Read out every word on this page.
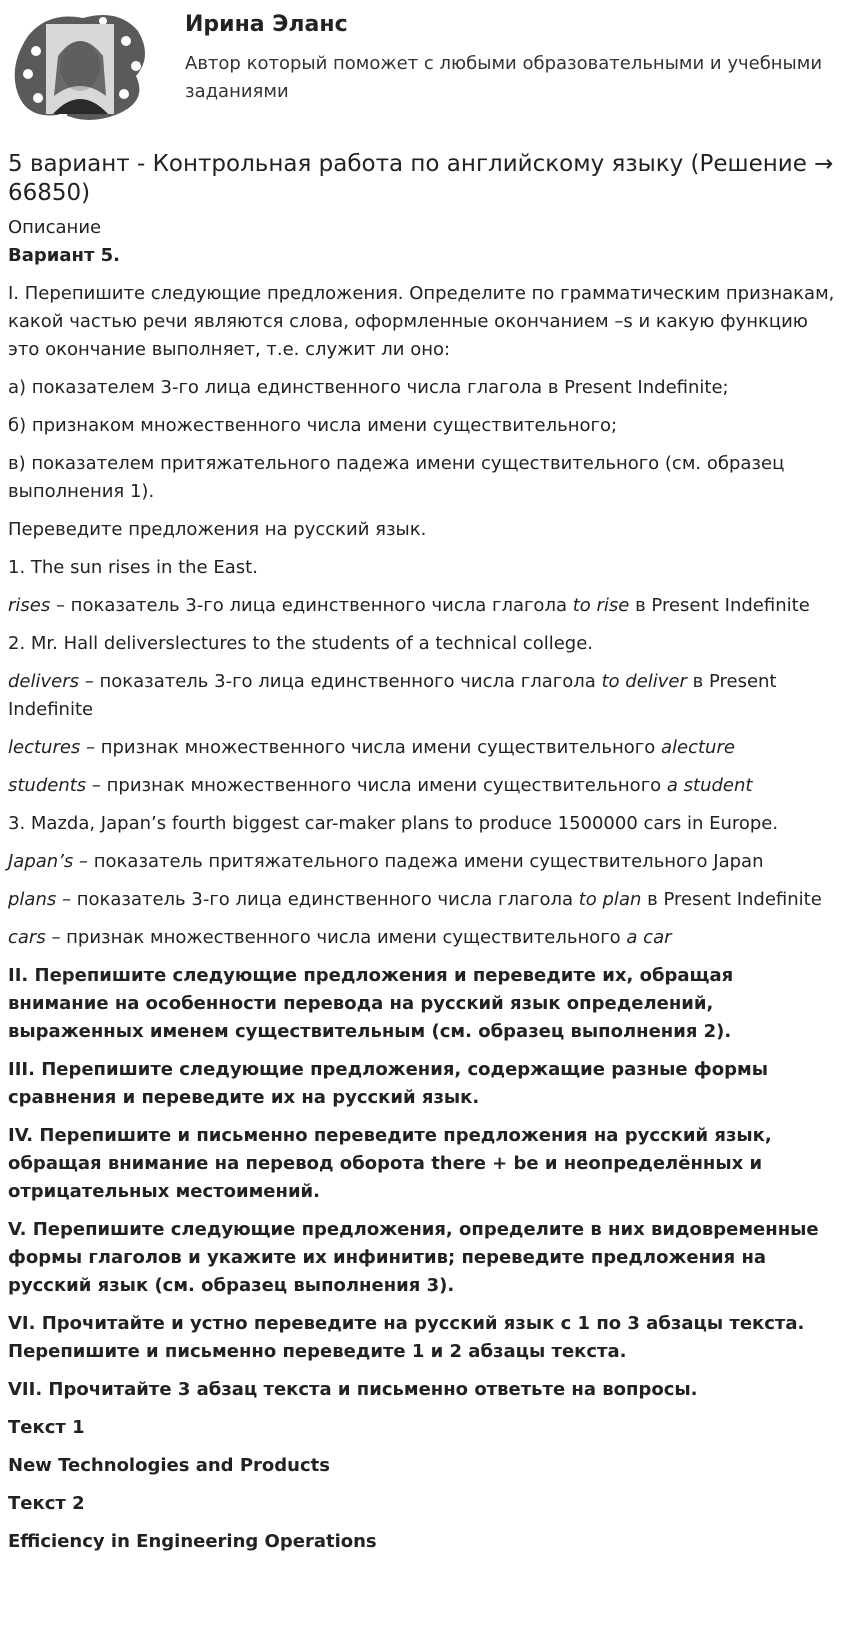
Ирина Эланс
Автор который поможет с любыми образовательными и учебными заданиями
5 вариант - Контрольная работа по английскому языку (Решение → 66850)
Описание
Вариант 5.

I. Перепишите следующие предложения. Определите по грамматическим признакам, какой частью речи являются слова, оформленные окончанием –s и какую функцию это окончание выполняет, т.е. служит ли оно:

а) показателем 3-го лица единственного числа глагола в Present Indefinite;

б) признаком множественного числа имени существительного;

в) показателем притяжательного падежа имени существительного (см. образец выполнения 1).

Переведите предложения на русский язык.

1. The sun rises in the East.

rises – показатель 3-го лица единственного числа глагола to rise в Present Indefinite

2. Mr. Hall deliverslectures to the students of a technical college.

delivers – показатель 3-го лица единственного числа глагола to deliver в Present Indefinite

lectures – признак множественного числа имени существительного alecture

students – признак множественного числа имени существительного a student

3. Mazda, Japan’s fourth biggest car-maker plans to produce 1500000 cars in Europe.

Japan’s – показатель притяжательного падежа имени существительного Japan

plans – показатель 3-го лица единственного числа глагола to plan в Present Indefinite

cars – признак множественного числа имени существительного a car

II. Перепишите следующие предложения и переведите их, обращая внимание на особенности перевода на русский язык определений, выраженных именем существительным (см. образец выполнения 2).

III. Перепишите следующие предложения, содержащие разные формы сравнения и переведите их на русский язык.

IV. Перепишите и письменно переведите предложения на русский язык, обращая внимание на перевод оборота there + be и неопределённых и отрицательных местоимений.

V. Перепишите следующие предложения, определите в них видовременные формы глаголов и укажите их инфинитив; переведите предложения на русский язык (см. образец выполнения 3).

VI. Прочитайте и устно переведите на русский язык с 1 по 3 абзацы текста. Перепишите и письменно переведите 1 и 2 абзацы текста.

VII. Прочитайте 3 абзац текста и письменно ответьте на вопросы.

Текст 1

New Technologies and Products

Текст 2

Efficiency in Engineering Operations
